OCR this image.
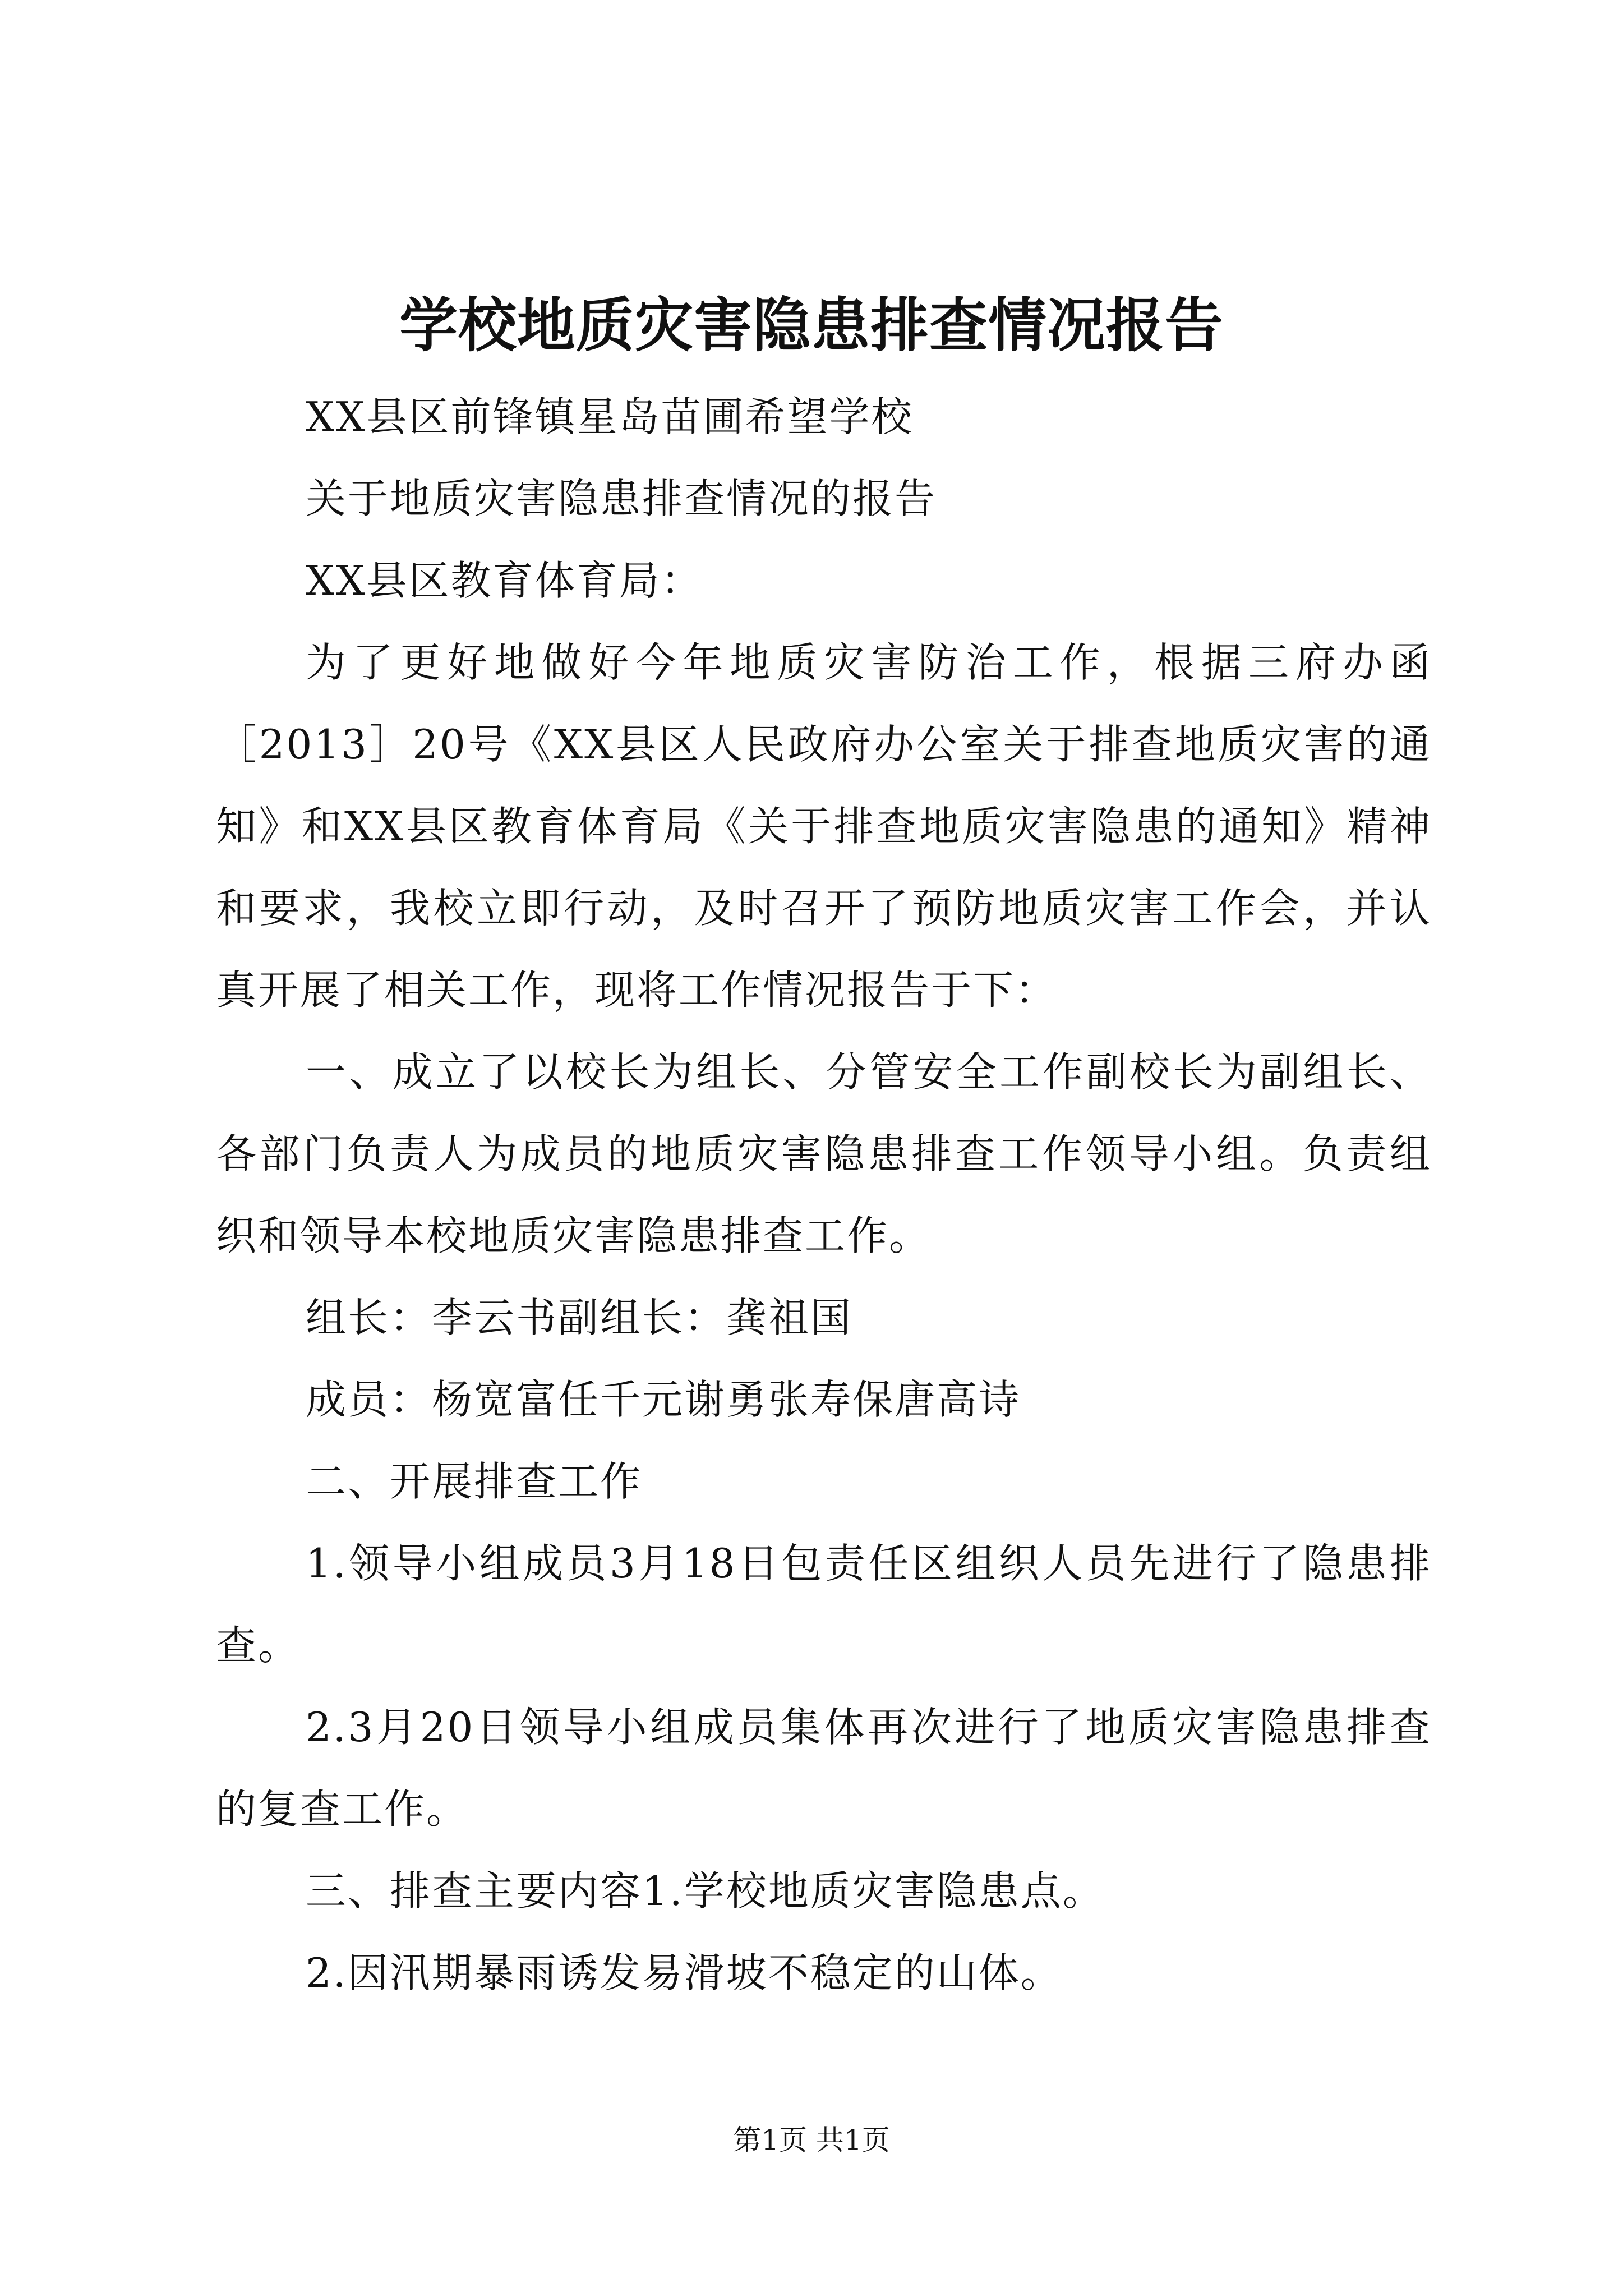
学校地质灾害隐患排查情况报告

XX县区前锋镇星岛苗圃希望学校

关于地质灾害隐患排查情况的报告

XX县区教育体育局：

为了更好地做好今年地质灾害防治工作，根据三府办函［2013］20号《XX县区人民政府办公室关于排查地质灾害的通知》和XX县区教育体育局《关于排查地质灾害隐患的通知》精神和要求，我校立即行动，及时召开了预防地质灾害工作会，并认真开展了相关工作，现将工作情况报告于下：

一、成立了以校长为组长、分管安全工作副校长为副组长、各部门负责人为成员的地质灾害隐患排查工作领导小组。负责组织和领导本校地质灾害隐患排查工作。

组长：李云书副组长：龚祖国

成员：杨宽富任千元谢勇张寿保唐高诗

二、开展排查工作

1.领导小组成员3月18日包责任区组织人员先进行了隐患排查。

2.3月20日领导小组成员集体再次进行了地质灾害隐患排查的复查工作。

三、排查主要内容1.学校地质灾害隐患点。

2.因汛期暴雨诱发易滑坡不稳定的山体。

第1页 共1页
